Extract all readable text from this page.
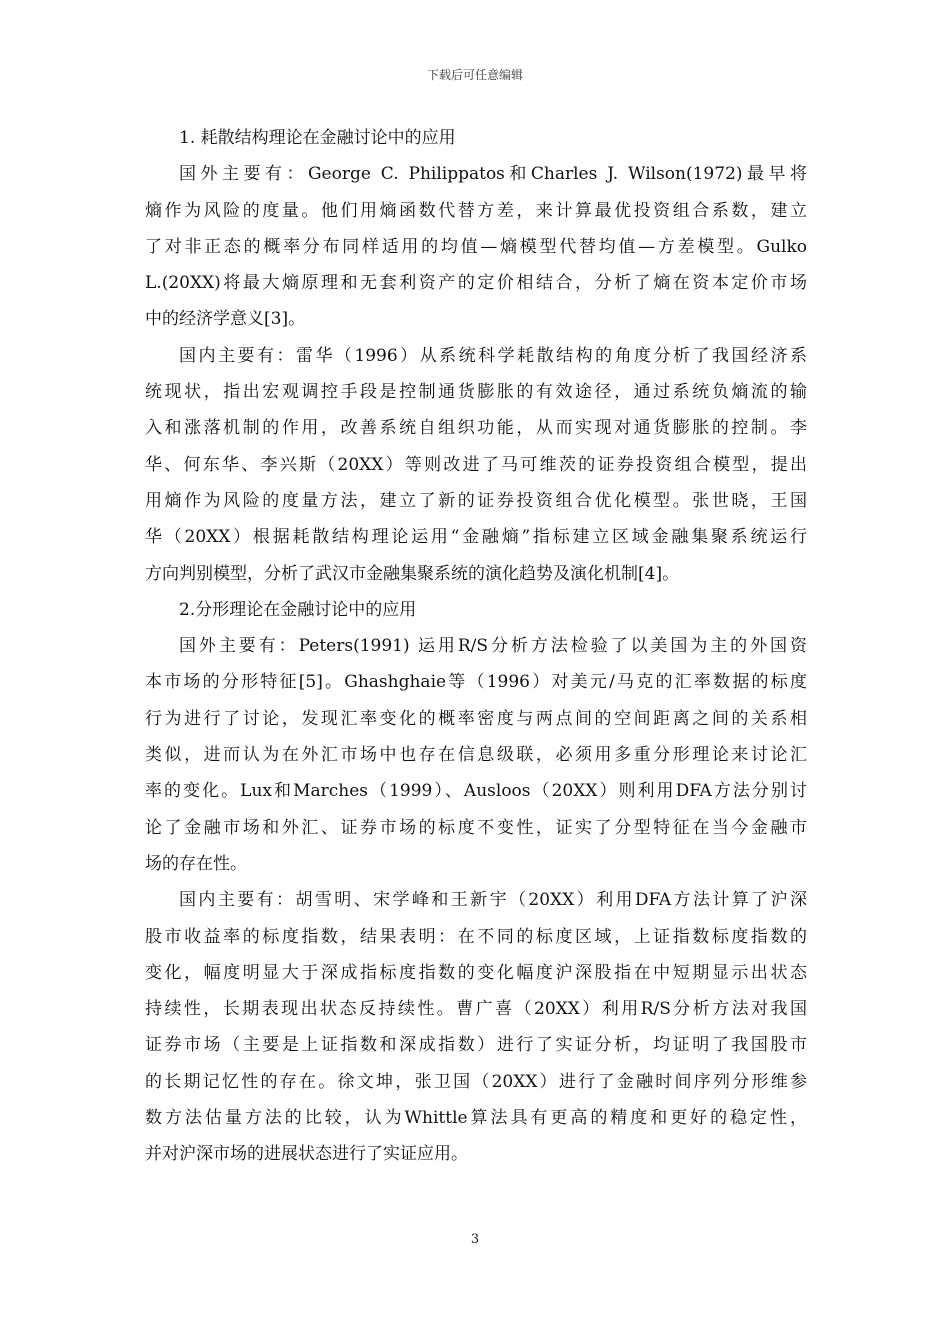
下载后可任意编辑
1. 耗散结构理论在金融讨论中的应用
国外主要有：George C. Philippatos和Charles J. Wilson(1972)最早将
熵作为风险的度量。他们用熵函数代替方差，来计算最优投资组合系数，建立
了对非正态的概率分布同样适用的均值—熵模型代替均值—方差模型。Gulko
L.(20XX)将最大熵原理和无套利资产的定价相结合，分析了熵在资本定价市场
中的经济学意义[3]。
国内主要有：雷华（1996）从系统科学耗散结构的角度分析了我国经济系
统现状，指出宏观调控手段是控制通货膨胀的有效途径，通过系统负熵流的输
入和涨落机制的作用，改善系统自组织功能，从而实现对通货膨胀的控制。李
华、何东华、李兴斯（20XX）等则改进了马可维茨的证券投资组合模型，提出
用熵作为风险的度量方法，建立了新的证券投资组合优化模型。张世晓，王国
华（20XX）根据耗散结构理论运用“金融熵”指标建立区域金融集聚系统运行
方向判别模型，分析了武汉市金融集聚系统的演化趋势及演化机制[4]。
2.分形理论在金融讨论中的应用
国外主要有：Peters(1991) 运用R/S分析方法检验了以美国为主的外国资
本市场的分形特征[5]。Ghashghaie等（1996）对美元/马克的汇率数据的标度
行为进行了讨论，发现汇率变化的概率密度与两点间的空间距离之间的关系相
类似，进而认为在外汇市场中也存在信息级联，必须用多重分形理论来讨论汇
率的变化。Lux和Marches（1999）、Ausloos（20XX）则利用DFA方法分别讨
论了金融市场和外汇、证券市场的标度不变性，证实了分型特征在当今金融市
场的存在性。
国内主要有：胡雪明、宋学峰和王新宇（20XX）利用DFA方法计算了沪深
股市收益率的标度指数，结果表明：在不同的标度区域，上证指数标度指数的
变化，幅度明显大于深成指标度指数的变化幅度沪深股指在中短期显示出状态
持续性，长期表现出状态反持续性。曹广喜（20XX）利用R/S分析方法对我国
证券市场（主要是上证指数和深成指数）进行了实证分析，均证明了我国股市
的长期记忆性的存在。徐文坤，张卫国（20XX）进行了金融时间序列分形维参
数方法估量方法的比较，认为Whittle算法具有更高的精度和更好的稳定性，
并对沪深市场的进展状态进行了实证应用。
3
